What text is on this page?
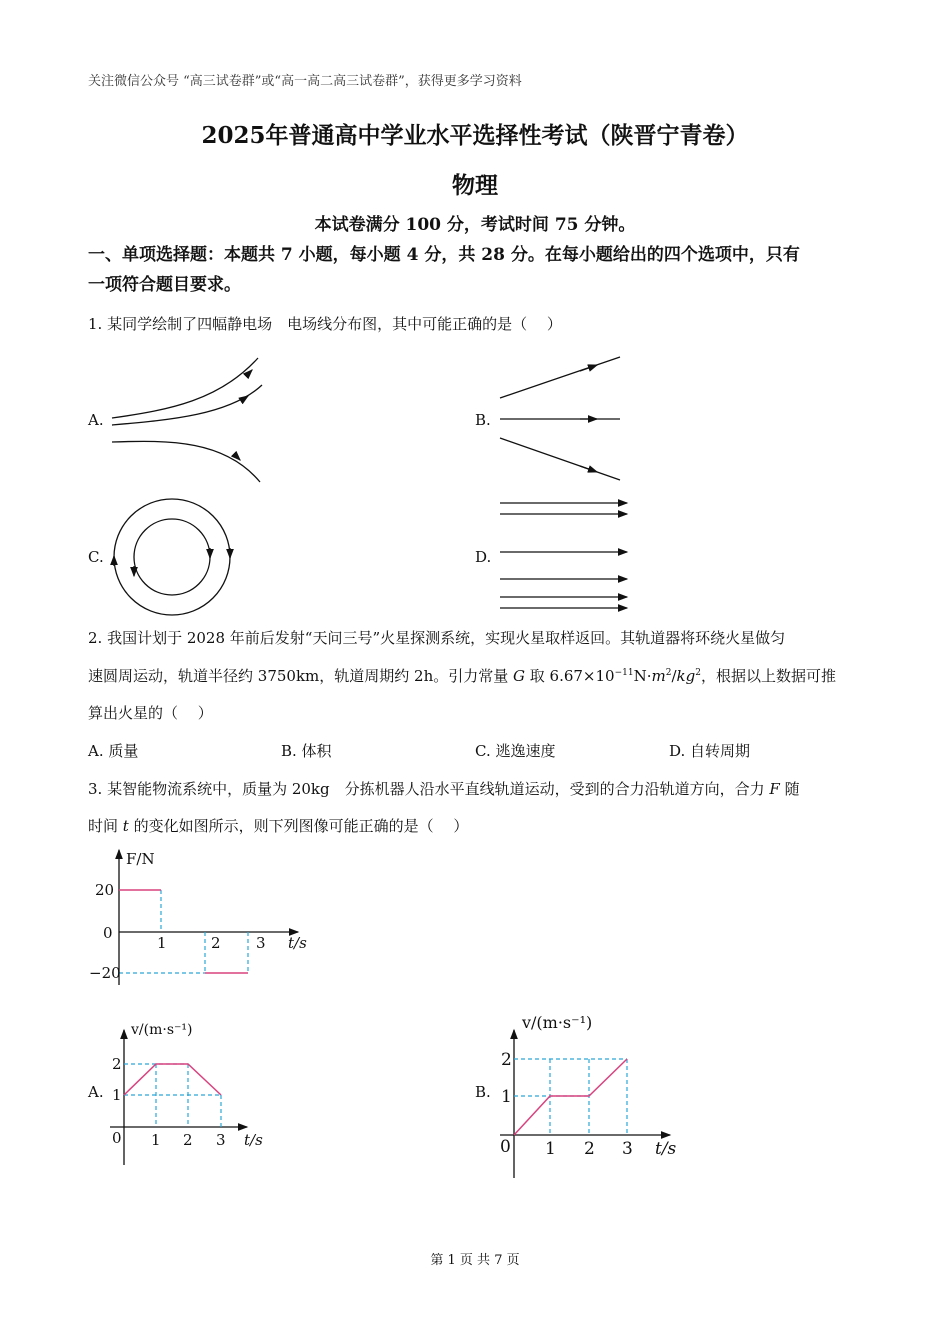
关注微信公众号 “高三试卷群”或“高一高二高三试卷群”，获得更多学习资料
2025年普通高中学业水平选择性考试（陕晋宁青卷）
物理
本试卷满分 100 分，考试时间 75 分钟。
一、单项选择题：本题共 7 小题，每小题 4 分，共 28 分。在每小题给出的四个选项中，只有
一项符合题目要求。
1. 某同学绘制了四幅静电场　电场线分布图，其中可能正确的是（　 ）
A.	B.
C.	D.
2. 我国计划于 2028 年前后发射“天问三号”火星探测系统，实现火星取样返回。其轨道器将环绕火星做匀
速圆周运动，轨道半径约 3750km，轨道周期约 2h。引力常量 G 取 $6.67\times 10^{-11}N\cdot m^2/kg^2$，根据以上数据可推
算出火星的（　 ）
A. 质量	B. 体积	C. 逃逸速度	D. 自转周期
3. 某智能物流系统中，质量为 20kg　分拣机器人沿水平直线轨道运动，受到的合力沿轨道方向，合力 F 随
时间 t 的变化如图所示，则下列图像可能正确的是（　 ）
F/N
20
0
−20
1	2 3 t/s
A.
v/(m·s⁻¹)
2
1
0 1 2 3 t/s
B.
v/(m·s⁻¹)
2
1
0 1 2 3 t/s
第 1 页 共 7 页
